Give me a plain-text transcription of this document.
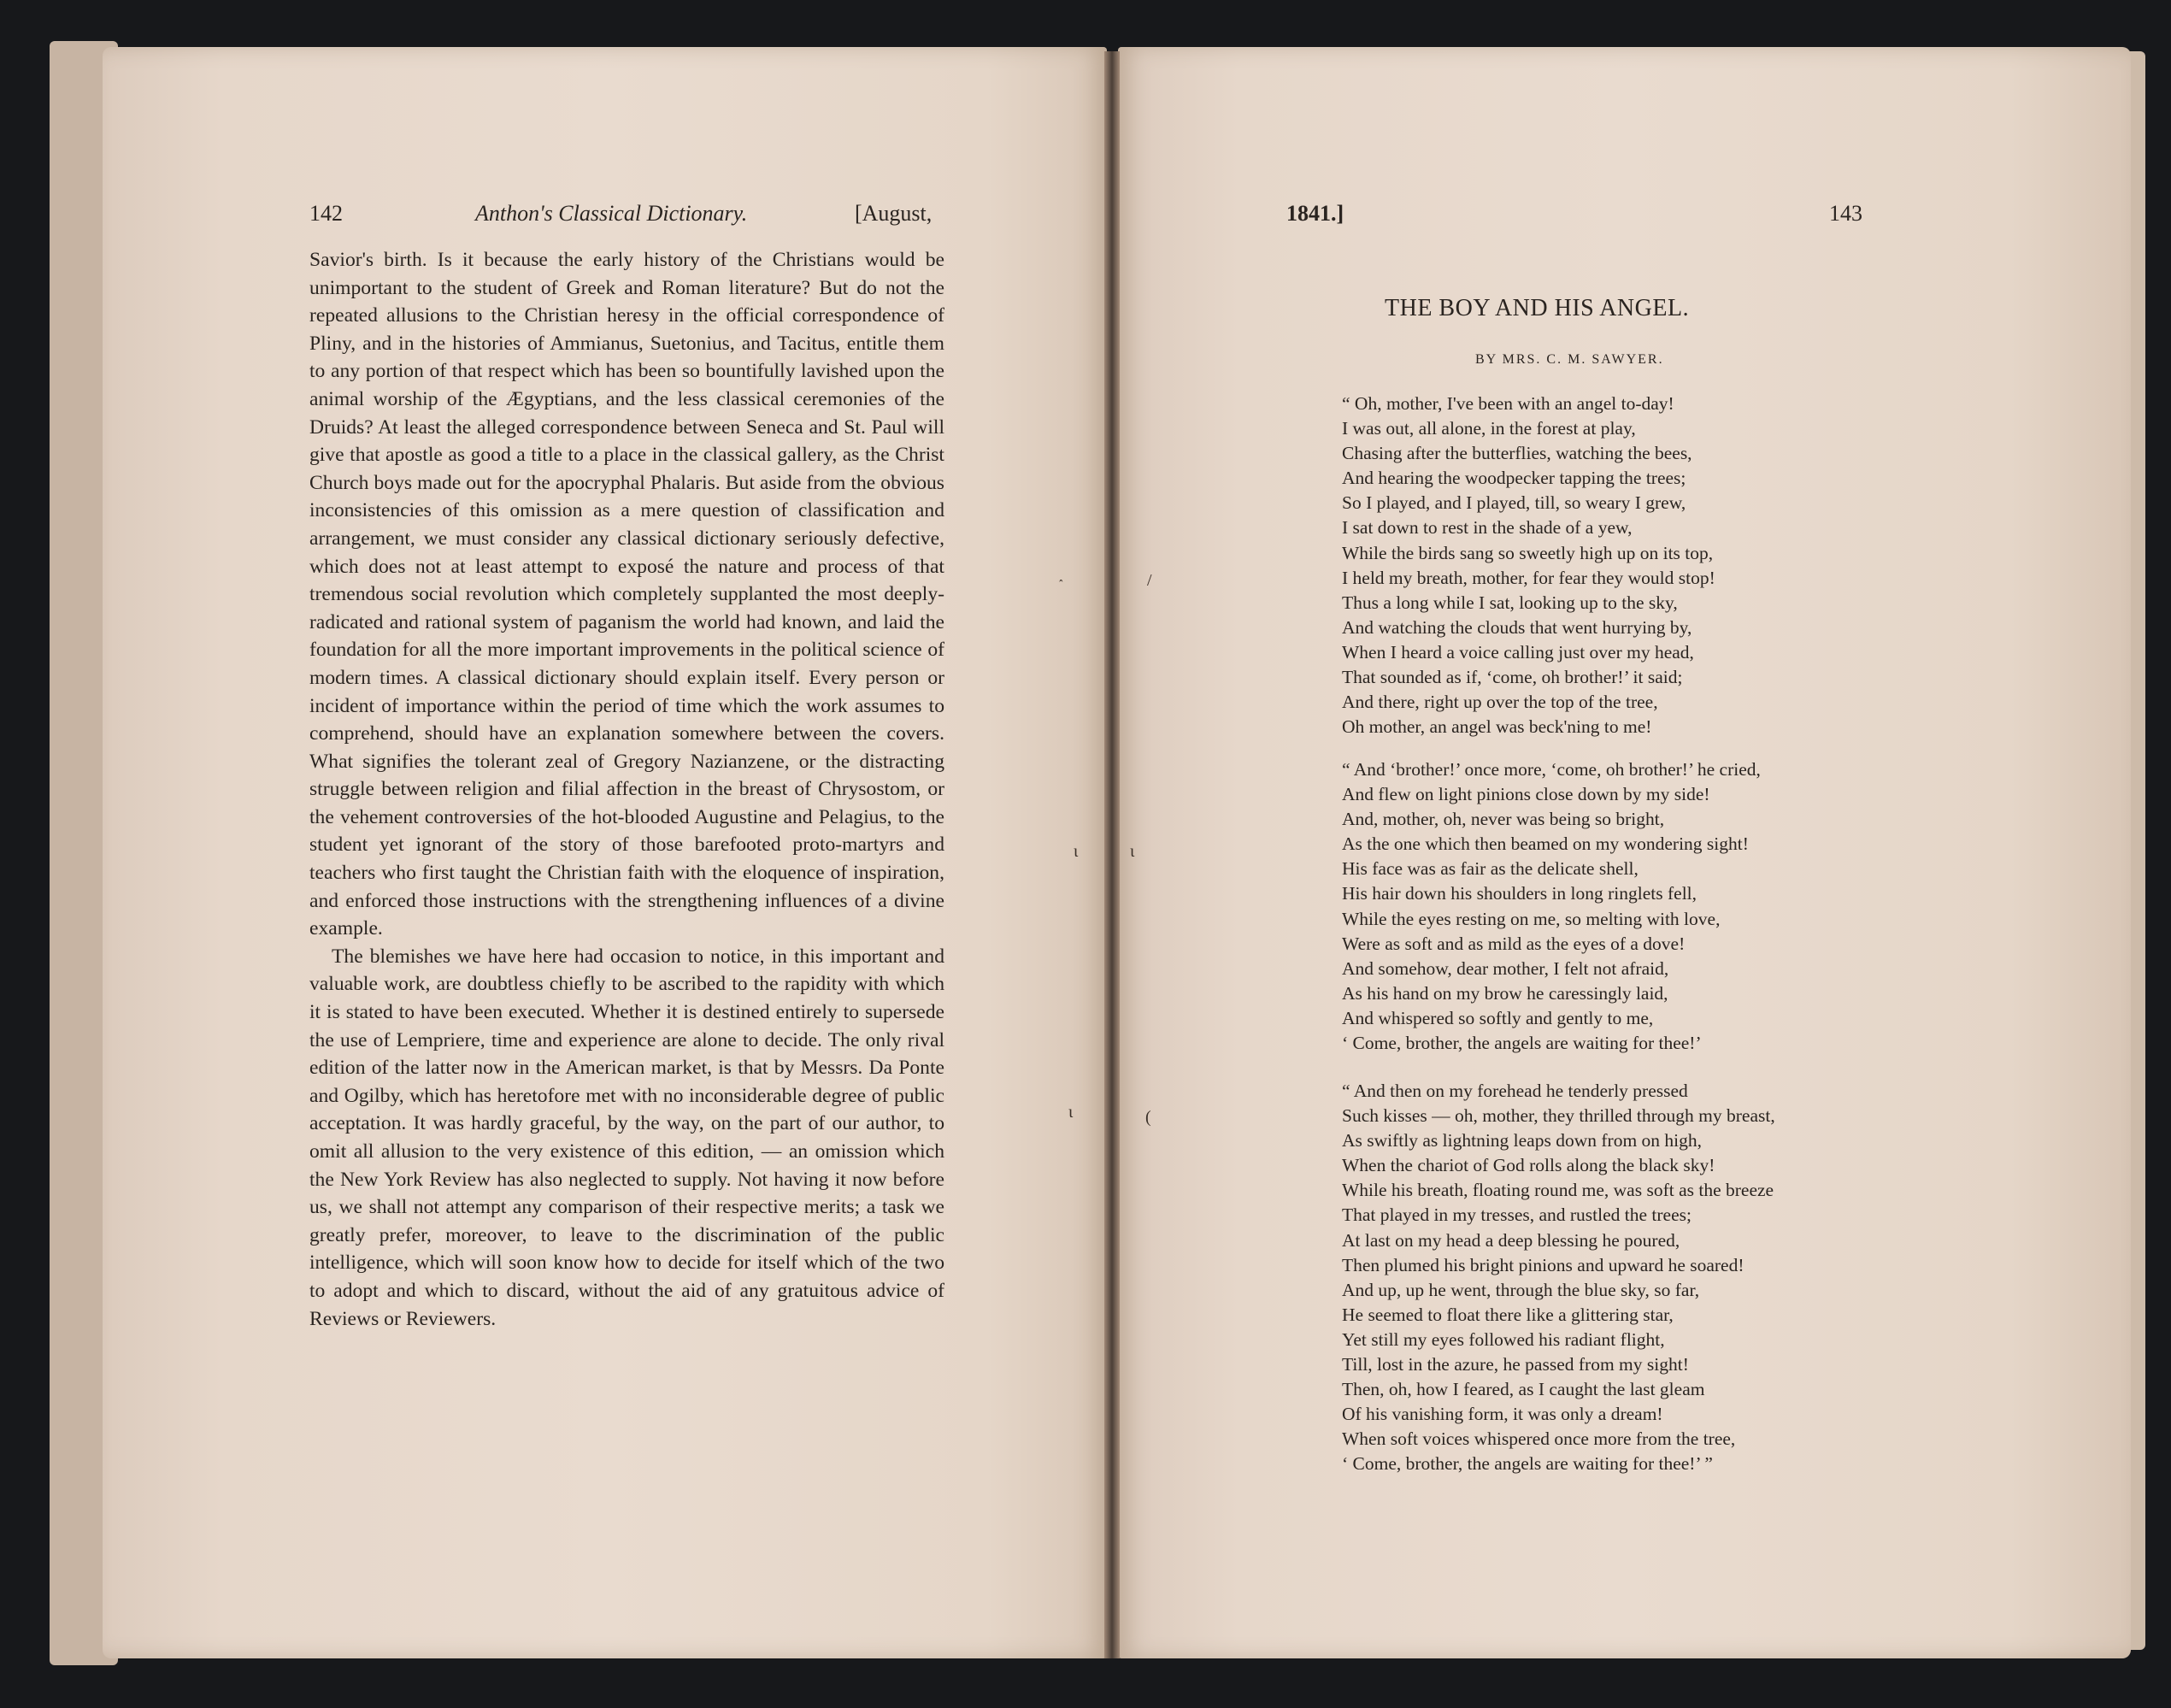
142	Anthon's Classical Dictionary.	[August,

Savior's birth. Is it because the early history of the Christians would be unimportant to the student of Greek and Roman literature? But do not the repeated allusions to the Christian heresy in the official correspondence of Pliny, and in the histories of Ammianus, Suetonius, and Tacitus, entitle them to any portion of that respect which has been so bountifully lavished upon the animal worship of the Ægyptians, and the less classical ceremonies of the Druids? At least the alleged correspondence between Seneca and St. Paul will give that apostle as good a title to a place in the classical gallery, as the Christ Church boys made out for the apocryphal Phalaris. But aside from the obvious inconsistencies of this omission as a mere question of classification and arrangement, we must consider any classical dictionary seriously defective, which does not at least attempt to exposé the nature and process of that tremendous social revolution which completely supplanted the most deeply-radicated and rational system of paganism the world had known, and laid the foundation for all the more important improvements in the political science of modern times. A classical dictionary should explain itself. Every person or incident of importance within the period of time which the work assumes to comprehend, should have an explanation somewhere between the covers. What signifies the tolerant zeal of Gregory Nazianzene, or the distracting struggle between religion and filial affection in the breast of Chrysostom, or the vehement controversies of the hot-blooded Augustine and Pelagius, to the student yet ignorant of the story of those barefooted proto-martyrs and teachers who first taught the Christian faith with the eloquence of inspiration, and enforced those instructions with the strengthening influences of a divine example.

The blemishes we have here had occasion to notice, in this important and valuable work, are doubtless chiefly to be ascribed to the rapidity with which it is stated to have been executed. Whether it is destined entirely to supersede the use of Lempriere, time and experience are alone to decide. The only rival edition of the latter now in the American market, is that by Messrs. Da Ponte and Ogilby, which has heretofore met with no inconsiderable degree of public acceptation. It was hardly graceful, by the way, on the part of our author, to omit all allusion to the very existence of this edition, — an omission which the New York Review has also neglected to supply. Not having it now before us, we shall not attempt any comparison of their respective merits; a task we greatly prefer, moreover, to leave to the discrimination of the public intelligence, which will soon know how to decide for itself which of the two to adopt and which to discard, without the aid of any gratuitous advice of Reviews or Reviewers.

1841.]	143
THE BOY AND HIS ANGEL.
BY MRS. C. M. SAWYER.
“ Oh, mother, I've been with an angel to-day!
I was out, all alone, in the forest at play,
Chasing after the butterflies, watching the bees,
And hearing the woodpecker tapping the trees;
So I played, and I played, till, so weary I grew,
I sat down to rest in the shade of a yew,
While the birds sang so sweetly high up on its top,
I held my breath, mother, for fear they would stop!
Thus a long while I sat, looking up to the sky,
And watching the clouds that went hurrying by,
When I heard a voice calling just over my head,
That sounded as if, ‘come, oh brother!’ it said;
And there, right up over the top of the tree,
Oh mother, an angel was beck'ning to me!
“ And ‘brother!’ once more, ‘come, oh brother!’ he cried,
And flew on light pinions close down by my side!
And, mother, oh, never was being so bright,
As the one which then beamed on my wondering sight!
His face was as fair as the delicate shell,
His hair down his shoulders in long ringlets fell,
While the eyes resting on me, so melting with love,
Were as soft and as mild as the eyes of a dove!
And somehow, dear mother, I felt not afraid,
As his hand on my brow he caressingly laid,
And whispered so softly and gently to me,
‘ Come, brother, the angels are waiting for thee!’
“ And then on my forehead he tenderly pressed
Such kisses — oh, mother, they thrilled through my breast,
As swiftly as lightning leaps down from on high,
When the chariot of God rolls along the black sky!
While his breath, floating round me, was soft as the breeze
That played in my tresses, and rustled the trees;
At last on my head a deep blessing he poured,
Then plumed his bright pinions and upward he soared!
And up, up he went, through the blue sky, so far,
He seemed to float there like a glittering star,
Yet still my eyes followed his radiant flight,
Till, lost in the azure, he passed from my sight!
Then, oh, how I feared, as I caught the last gleam
Of his vanishing form, it was only a dream!
When soft voices whispered once more from the tree,
‘ Come, brother, the angels are waiting for thee!’ ”
˰	/
ι	ι
ι	(
